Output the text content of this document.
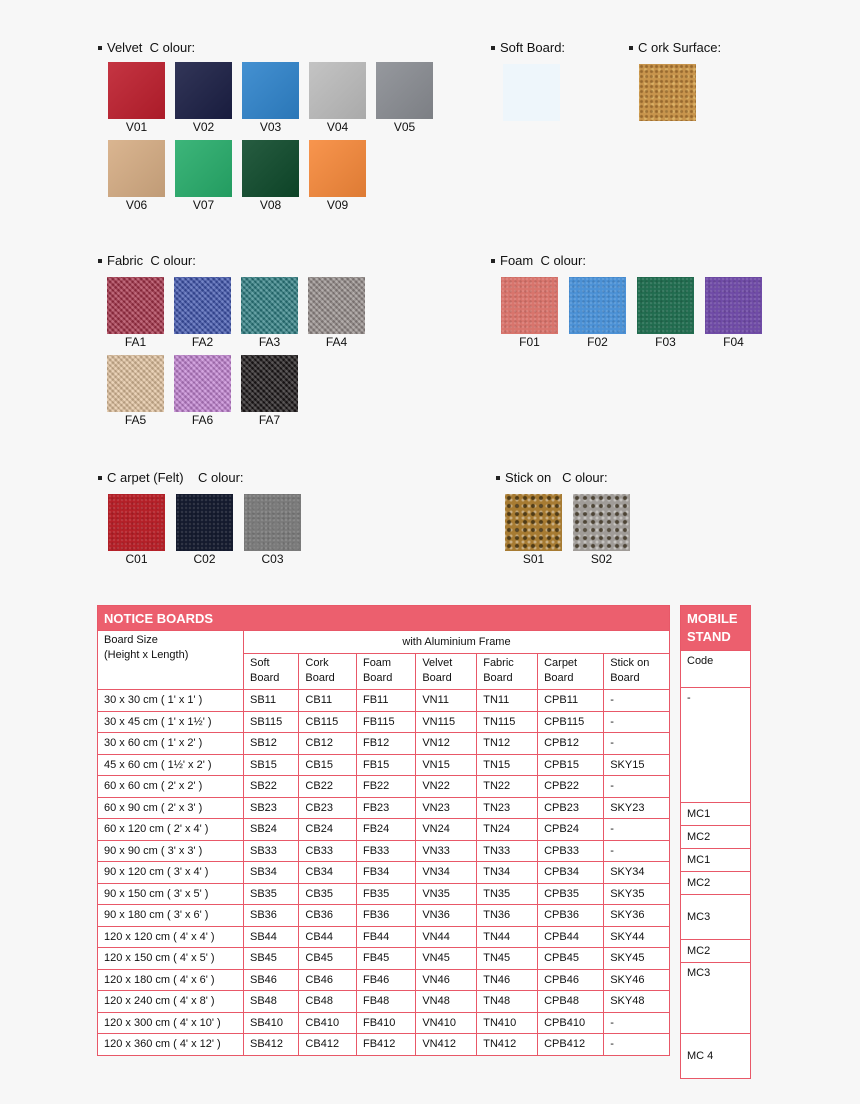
Velvet  C olour:
V01	V02	V03	V04	V05
V06	V07	V08	V09
Soft Board:	C ork Surface:
Fabric  C olour:
FA1	FA2	FA3	FA4
FA5	FA6	FA7
Foam  C olour:
F01	F02	F03	F04
C arpet (Felt)    C olour:
C01	C02	C03
Stick on   C olour:
S01	S02
NOTICE BOARDS							
Board Size
(Height x Length)	with Aluminium Frame						
	Soft Board	Cork Board	Foam Board	Velvet Board	Fabric Board	Carpet Board	Stick on Board
30 x 30 cm ( 1' x 1' )	SB11	CB11	FB11	VN11	TN11	CPB11	-
30 x 45 cm ( 1' x 1½' )	SB115	CB115	FB115	VN115	TN115	CPB115	-
30 x 60 cm ( 1' x 2' )	SB12	CB12	FB12	VN12	TN12	CPB12	-
45 x 60 cm ( 1½' x 2' )	SB15	CB15	FB15	VN15	TN15	CPB15	SKY15
60 x 60 cm ( 2' x 2' )	SB22	CB22	FB22	VN22	TN22	CPB22	-
60 x 90 cm ( 2' x 3' )	SB23	CB23	FB23	VN23	TN23	CPB23	SKY23
60 x 120 cm ( 2' x 4' )	SB24	CB24	FB24	VN24	TN24	CPB24	-
90 x 90 cm ( 3' x 3' )	SB33	CB33	FB33	VN33	TN33	CPB33	-
90 x 120 cm ( 3' x 4' )	SB34	CB34	FB34	VN34	TN34	CPB34	SKY34
90 x 150 cm ( 3' x 5' )	SB35	CB35	FB35	VN35	TN35	CPB35	SKY35
90 x 180 cm ( 3' x 6' )	SB36	CB36	FB36	VN36	TN36	CPB36	SKY36
120 x 120 cm ( 4' x 4' )	SB44	CB44	FB44	VN44	TN44	CPB44	SKY44
120 x 150 cm ( 4' x 5' )	SB45	CB45	FB45	VN45	TN45	CPB45	SKY45
120 x 180 cm ( 4' x 6' )	SB46	CB46	FB46	VN46	TN46	CPB46	SKY46
120 x 240 cm ( 4' x 8' )	SB48	CB48	FB48	VN48	TN48	CPB48	SKY48
120 x 300 cm ( 4' x 10' )	SB410	CB410	FB410	VN410	TN410	CPB410	-
120 x 360 cm ( 4' x 12' )	SB412	CB412	FB412	VN412	TN412	CPB412	-
MOBILE STAND
Code
-
MC1
MC2
MC1
MC2
MC3
MC2
MC3
MC 4
